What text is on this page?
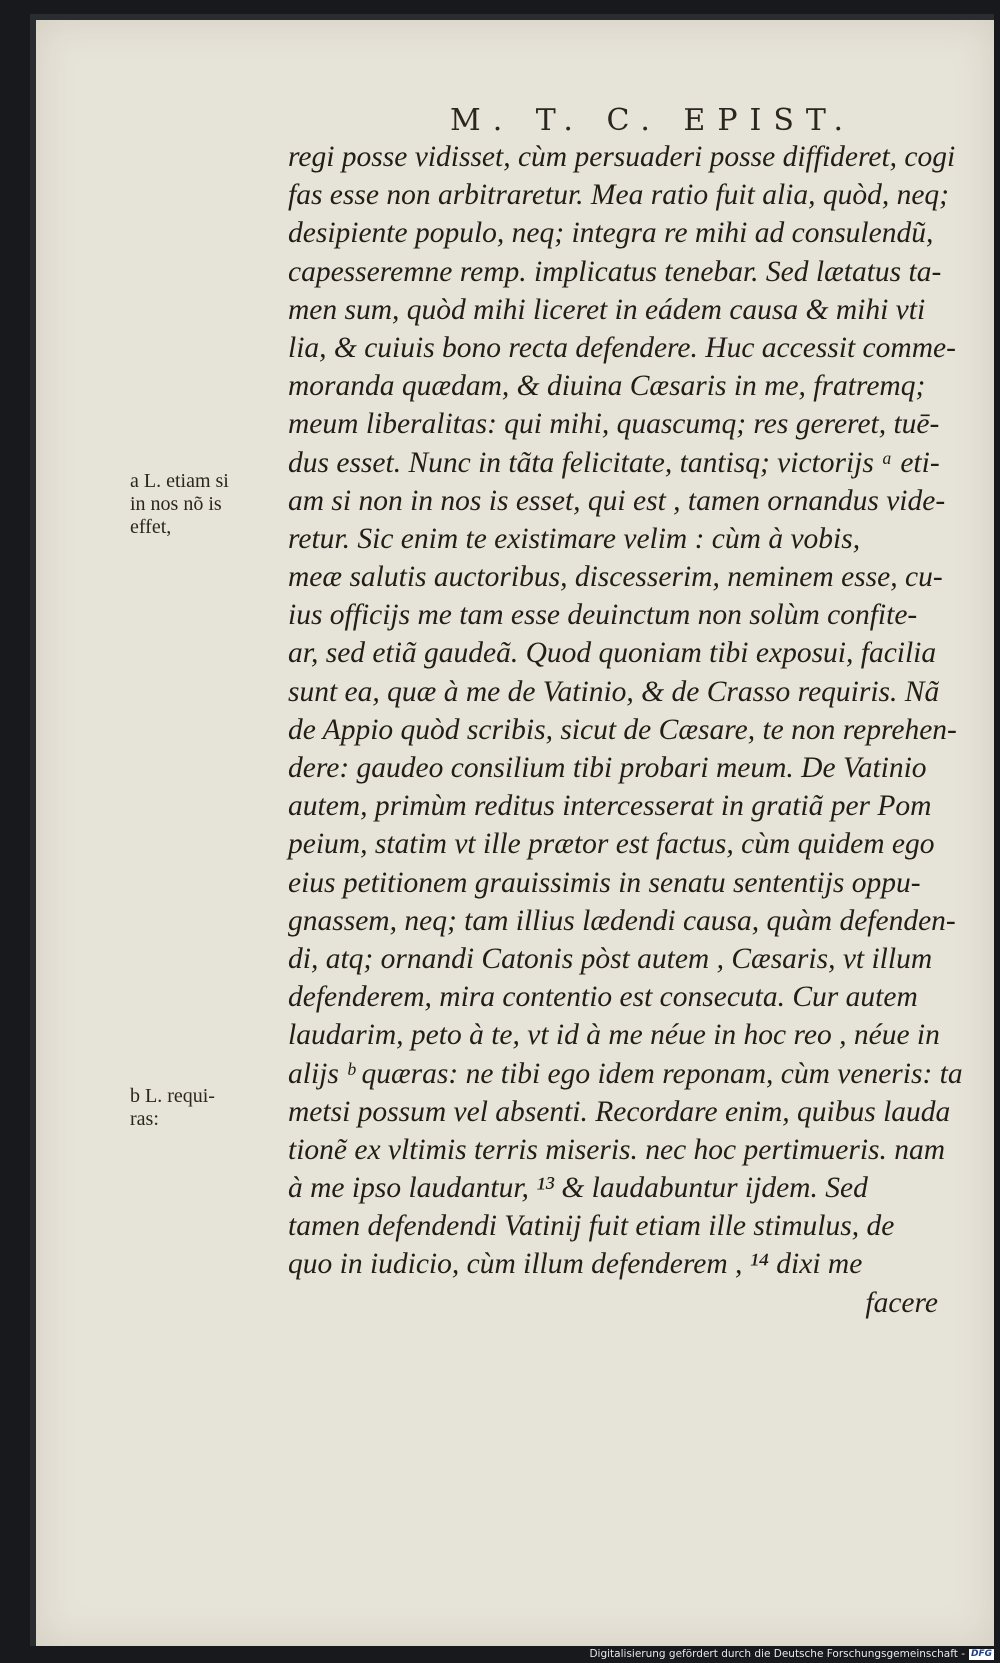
M. T. C. EPIST.
regi posse vidisset, cùm persuaderi posse diffideret, cogi
fas esse non arbitraretur. Mea ratio fuit alia, quòd, neq;
desipiente populo, neq; integra re mihi ad consulendũ,
capesseremne remp. implicatus tenebar. Sed lætatus ta-
men sum, quòd mihi liceret in eádem causa & mihi vti
lia, & cuiuis bono recta defendere. Huc accessit comme-
moranda quædam, & diuina Cæsaris in me, fratremq;
meum liberalitas: qui mihi, quascumq; res gereret, tuē-
dus esset. Nunc in tãta felicitate, tantisq; victorijs ᵃ eti-
am si non in nos is esset, qui est , tamen ornandus vide-
retur. Sic enim te existimare velim : cùm à vobis,
meæ salutis auctoribus, discesserim, neminem esse, cu-
ius officijs me tam esse deuinctum non solùm confite-
ar, sed etiã gaudeã. Quod quoniam tibi exposui, facilia
sunt ea, quæ à me de Vatinio, & de Crasso requiris. Nã
de Appio quòd scribis, sicut de Cæsare, te non reprehen-
dere: gaudeo consilium tibi probari meum. De Vatinio
autem, primùm reditus intercesserat in gratiã per Pom
peium, statim vt ille prætor est factus, cùm quidem ego
eius petitionem grauissimis in senatu sententijs oppu-
gnassem, neq; tam illius lædendi causa, quàm defenden-
di, atq; ornandi Catonis pòst autem , Cæsaris, vt illum
defenderem, mira contentio est consecuta. Cur autem
laudarim, peto à te, vt id à me néue in hoc reo , néue in
alijs ᵇ quæras: ne tibi ego idem reponam, cùm veneris: ta
metsi possum vel absenti. Recordare enim, quibus lauda
tionẽ ex vltimis terris miseris. nec hoc pertimueris. nam
à me ipso laudantur, ¹³ & laudabuntur ijdem. Sed
tamen defendendi Vatinij fuit etiam ille stimulus, de
quo in iudicio, cùm illum defenderem , ¹⁴ dixi me
facere
a L. etiam si
in nos nõ is
effet,
b L. requi-
ras:
Digitalisierung gefördert durch die Deutsche Forschungsgemeinschaft - DFG
